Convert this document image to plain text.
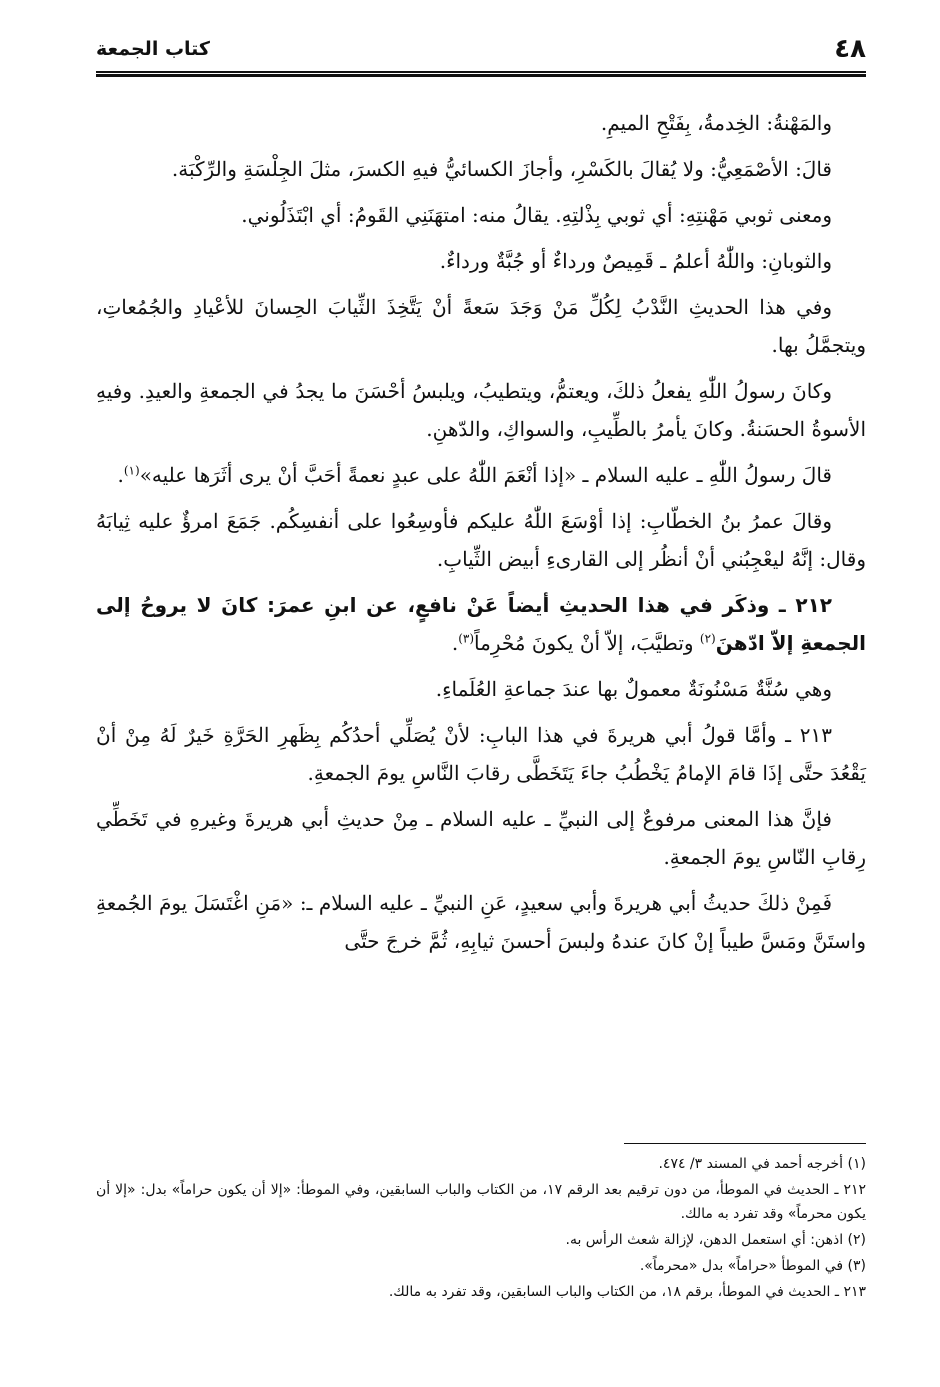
٤٨
كتاب الجمعة

والمَهْنةُ: الخِدمةُ، بِفَتْحِ الميمِ.

قالَ: الأصْمَعِيُّ: ولا يُقالَ بالكَسْرِ، وأجازَ الكسائيُّ فيهِ الكسرَ، مثلَ الجِلْسَةِ والرِّكْبَة.

ومعنى ثوبي مَهْنتِهِ: أي ثوبي بِذْلتِهِ. يقالُ منه: امتهَنَنِي القَومُ: أي ابْتَذَلُوني.

والثوبانِ: واللّٰهُ أعلمُ ـ قَمِيصٌ ورداءٌ أو جُبَّةٌ ورداءٌ.

وفي هذا الحديثِ النَّدْبُ لِكُلِّ مَنْ وَجَدَ سَعةً أنْ يَتَّخِذَ الثِّيابَ الحِسانَ للأعْيادِ والجُمُعاتِ، ويتجمَّلُ بها.

وكانَ رسولُ اللّٰهِ يفعلُ ذلكَ، ويعتمُّ، ويتطيبُ، ويلبسُ أحْسَنَ ما يجدُ في الجمعةِ والعيدِ. وفيهِ الأسوةُ الحسَنةُ. وكانَ يأمرُ بالطِّيبِ، والسواكِ، والدّهنِ.

قالَ رسولُ اللّٰهِ ـ عليه السلام ـ «إذا أنْعَمَ اللّٰهُ على عبدٍ نعمةً أحَبَّ أنْ يرى أثَرَها عليه»$^{(١)}$.

وقالَ عمرُ بنُ الخطّابِ: إذا أوْسَعَ اللّٰهُ عليكم فأوسِعُوا على أنفسِكُم. جَمَعَ امرؤٌ عليه ثِيابَهُ وقال: إنَّهُ ليعْجِبُني أنْ أنظُر إلى القارىءِ أبيض الثِّيابِ.

٢١٢ ـ وذكَر في هذا الحديثِ أيضاً عَنْ نافعٍ، عن ابنِ عمرَ: كانَ لا يروحُ إلى الجمعةِ إلاّ ادّهنَ$^{(٢)}$ وتطيَّبَ، إلاّ أنْ يكونَ مُحْرِماً$^{(٣)}$.

وهي سُنَّةٌ مَسْنُونَةٌ معمولٌ بها عندَ جماعةِ العُلَماءِ.

٢١٣ ـ وأمَّا قولُ أبي هريرةَ في هذا البابِ: لأنْ يُصَلِّي أحدُكُم بِظَهرِ الحَرَّةِ خَيرٌ لَهُ مِنْ أنْ يَقْعُدَ حتَّى إذَا قامَ الإمامُ يَخْطُبُ جاءَ يَتَخَطَّى رقابَ النَّاسِ يومَ الجمعةِ.

فإنَّ هذا المعنى مرفوعٌ إلى النبيِّ ـ عليه السلام ـ مِنْ حديثِ أبي هريرةَ وغيرهِ في تَخَطِّي رِقابِ النّاسِ يومَ الجمعةِ.

فَمِنْ ذلكَ حديثُ أبي هريرةَ وأبي سعيدٍ، عَنِ النبيِّ ـ عليه السلام ـ: «مَنِ اغْتَسَلَ يومَ الجُمعةِ واستَنَّ ومَسَّ طيباً إنْ كانَ عندهُ ولبسَ أحسنَ ثيابِهِ، ثُمَّ خرجَ حتَّى

(١) أخرجه أحمد في المسند ٣/ ٤٧٤.

٢١٢ ـ الحديث في الموطأ، من دون ترقيم بعد الرقم ١٧، من الكتاب والباب السابقين، وفي الموطأ: «إلا أن يكون حراماً» بدل: «إلا أن يكون محرماً» وقد تفرد به مالك.

(٢) اذهن: أي استعمل الدهن، لإزالة شعث الرأس به.

(٣) في الموطأ «حراماً» بدل «محرماً».

٢١٣ ـ الحديث في الموطأ، برقم ١٨، من الكتاب والباب السابقين، وقد تفرد به مالك.
